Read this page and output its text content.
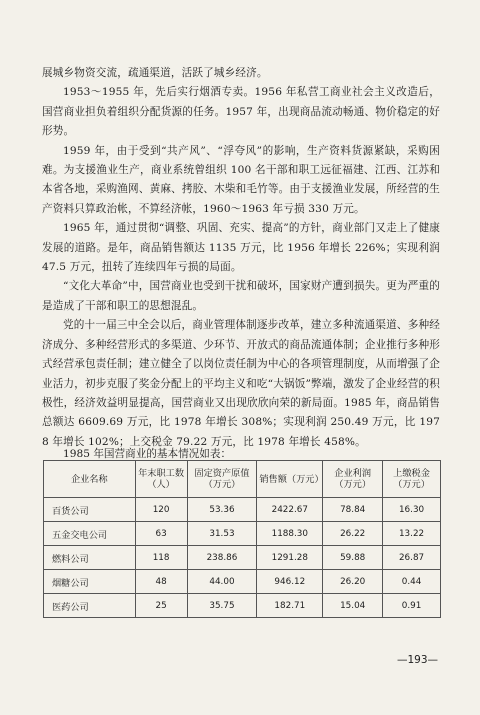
展城乡物资交流，疏通渠道，活跃了城乡经济。

1953～1955 年，先后实行烟酒专卖。1956 年私营工商业社会主义改造后，国营商业担负着组织分配货源的任务。1957 年，出现商品流动畅通、物价稳定的好形势。

1959 年，由于受到“共产风”、“浮夸风”的影响，生产资料货源紧缺，采购困难。为支援渔业生产，商业系统曾组织 100 名干部和职工远征福建、江西、江苏和本省各地，采购渔网、黄麻、拷胶、木柴和毛竹等。由于支援渔业发展，所经营的生产资料只算政治帐，不算经济帐，1960～1963 年亏损 330 万元。

1965 年，通过贯彻“调整、巩固、充实、提高”的方针，商业部门又走上了健康发展的道路。是年，商品销售额达 1135 万元，比 1956 年增长 226%；实现利润 47.5 万元，扭转了连续四年亏损的局面。

“文化大革命”中，国营商业也受到干扰和破坏，国家财产遭到损失。更为严重的是造成了干部和职工的思想混乱。

党的十一届三中全会以后，商业管理体制逐步改革，建立多种流通渠道、多种经济成分、多种经营形式的多渠道、少环节、开放式的商品流通体制；企业推行多种形式经营承包责任制；建立健全了以岗位责任制为中心的各项管理制度，从而增强了企业活力，初步克服了奖金分配上的平均主义和吃“大锅饭”弊端，激发了企业经营的积极性，经济效益明显提高，国营商业又出现欣欣向荣的新局面。1985 年，商品销售总额达 6609.69 万元，比 1978 年增长 308%；实现利润 250.49 万元，比 1978 年增长 102%；上交税金 79.22 万元，比 1978 年增长 458%。

1985 年国营商业的基本情况如表：
企业名称	年末职工数（人）	固定资产原值（万元）	销售额（万元）	企业利润（万元）	上缴税金（万元）
百货公司	120	53.36	2422.67	78.84	16.30
五金交电公司	63	31.53	1188.30	26.22	13.22
燃料公司	118	238.86	1291.28	59.88	26.87
烟糖公司	48	44.00	946.12	26.20	0.44
医药公司	25	35.75	182.71	15.04	0.91
—193—
